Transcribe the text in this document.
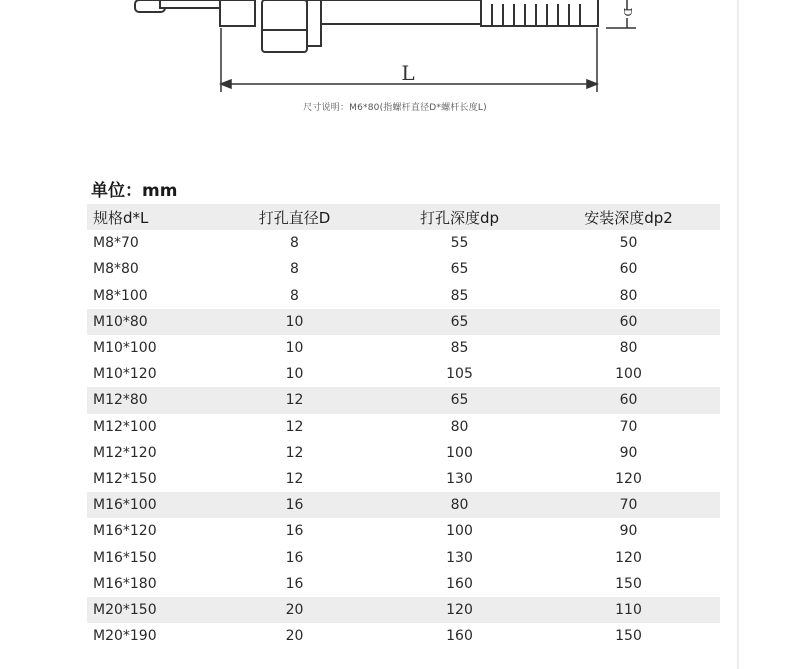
L
D
尺寸说明：M6*80(指螺杆直径D*螺杆长度L)
单位：mm
规格d*L	打孔直径D	打孔深度dp	安装深度dp2
M8*70	8	55	50
M8*80	8	65	60
M8*100	8	85	80
M10*80	10	65	60
M10*100	10	85	80
M10*120	10	105	100
M12*80	12	65	60
M12*100	12	80	70
M12*120	12	100	90
M12*150	12	130	120
M16*100	16	80	70
M16*120	16	100	90
M16*150	16	130	120
M16*180	16	160	150
M20*150	20	120	110
M20*190	20	160	150
